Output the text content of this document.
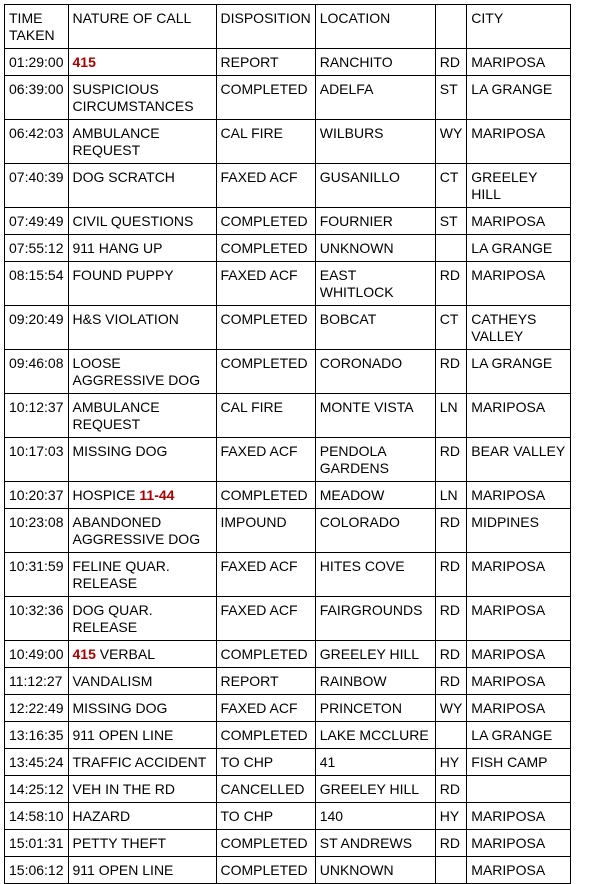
TIME TAKEN	NATURE OF CALL	DISPOSITION	LOCATION		CITY
01:29:00	415	REPORT	RANCHITO	RD	MARIPOSA
06:39:00	SUSPICIOUS CIRCUMSTANCES	COMPLETED	ADELFA	ST	LA GRANGE
06:42:03	AMBULANCE REQUEST	CAL FIRE	WILBURS	WY	MARIPOSA
07:40:39	DOG SCRATCH	FAXED ACF	GUSANILLO	CT	GREELEY HILL
07:49:49	CIVIL QUESTIONS	COMPLETED	FOURNIER	ST	MARIPOSA
07:55:12	911 HANG UP	COMPLETED	UNKNOWN		LA GRANGE
08:15:54	FOUND PUPPY	FAXED ACF	EAST WHITLOCK	RD	MARIPOSA
09:20:49	H&S VIOLATION	COMPLETED	BOBCAT	CT	CATHEYS VALLEY
09:46:08	LOOSE AGGRESSIVE DOG	COMPLETED	CORONADO	RD	LA GRANGE
10:12:37	AMBULANCE REQUEST	CAL FIRE	MONTE VISTA	LN	MARIPOSA
10:17:03	MISSING DOG	FAXED ACF	PENDOLA GARDENS	RD	BEAR VALLEY
10:20:37	HOSPICE 11-44	COMPLETED	MEADOW	LN	MARIPOSA
10:23:08	ABANDONED AGGRESSIVE DOG	IMPOUND	COLORADO	RD	MIDPINES
10:31:59	FELINE QUAR. RELEASE	FAXED ACF	HITES COVE	RD	MARIPOSA
10:32:36	DOG QUAR. RELEASE	FAXED ACF	FAIRGROUNDS	RD	MARIPOSA
10:49:00	415 VERBAL	COMPLETED	GREELEY HILL	RD	MARIPOSA
11:12:27	VANDALISM	REPORT	RAINBOW	RD	MARIPOSA
12:22:49	MISSING DOG	FAXED ACF	PRINCETON	WY	MARIPOSA
13:16:35	911 OPEN LINE	COMPLETED	LAKE MCCLURE		LA GRANGE
13:45:24	TRAFFIC ACCIDENT	TO CHP	41	HY	FISH CAMP
14:25:12	VEH IN THE RD	CANCELLED	GREELEY HILL	RD	
14:58:10	HAZARD	TO CHP	140	HY	MARIPOSA
15:01:31	PETTY THEFT	COMPLETED	ST ANDREWS	RD	MARIPOSA
15:06:12	911 OPEN LINE	COMPLETED	UNKNOWN		MARIPOSA
